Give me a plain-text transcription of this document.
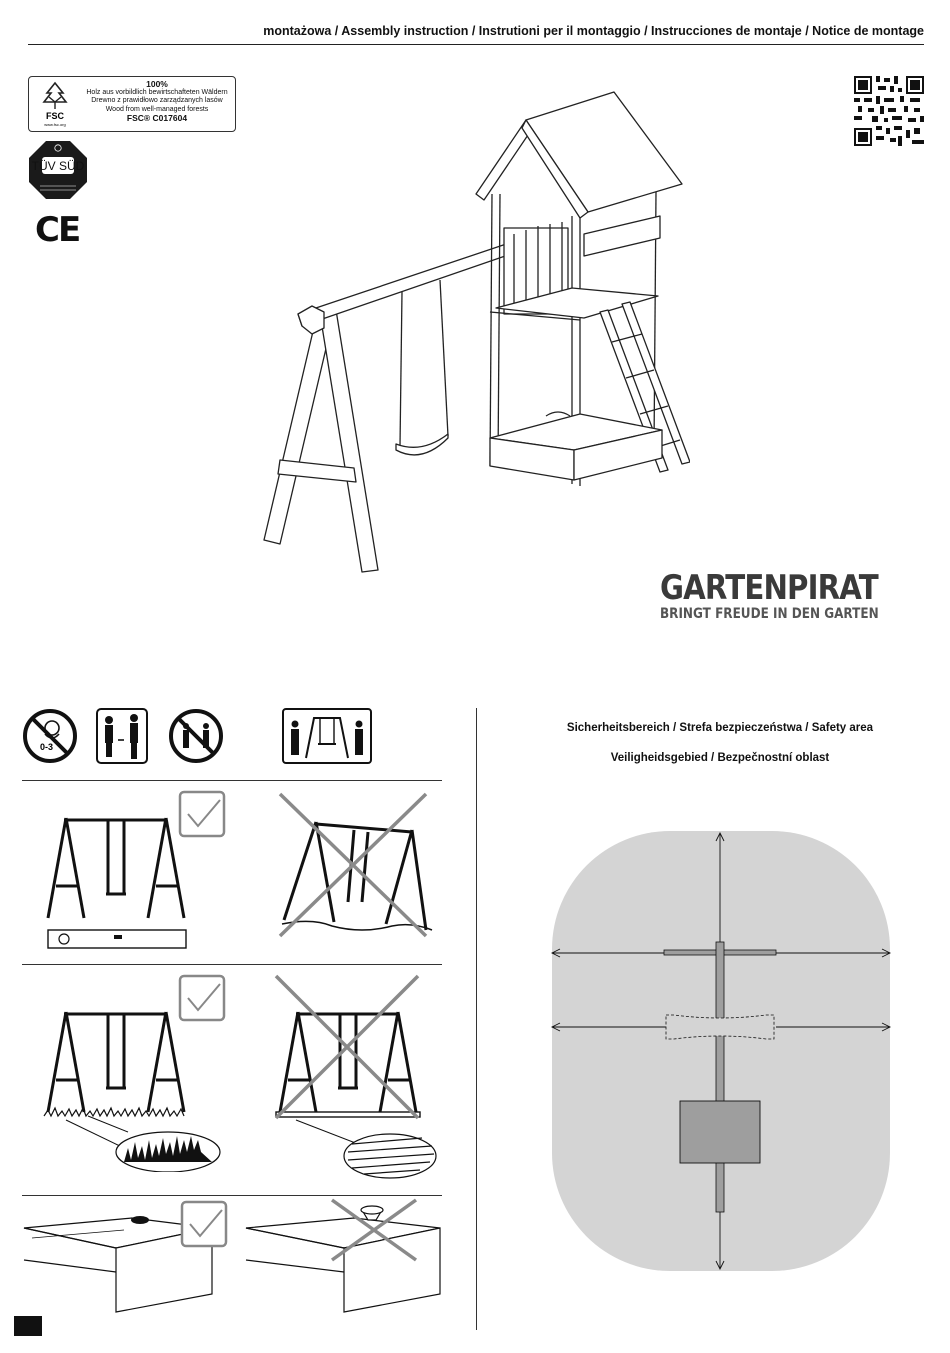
montażowa / Assembly instruction / Instrutioni per il montaggio / Instrucciones de montaje / Notice de montage
FSC
www.fsc.org
100%
Holz aus vorbildlich bewirtschafteten Wäldern
Drewno z prawidłowo zarządzanych lasów
Wood from well-managed forests
FSC® C017604
TÜV SÜD
CE
GARTENPIRAT
BRINGT FREUDE IN DEN GARTEN
0-3
Sicherheitsbereich / Strefa bezpieczeństwa / Safety area
Veiligheidsgebied / Bezpečnostní oblast
